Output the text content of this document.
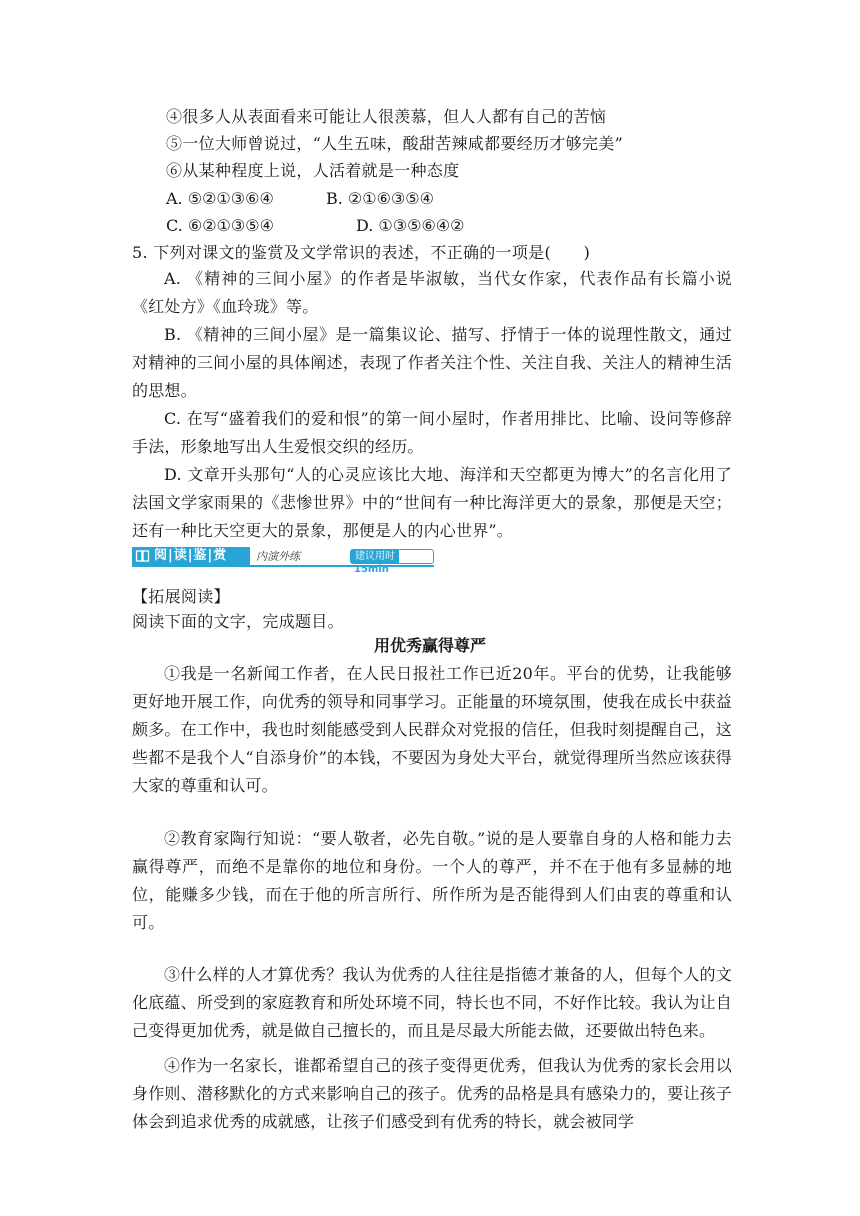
④很多人从表面看来可能让人很羡慕，但人人都有自己的苦恼
⑤一位大师曾说过，“人生五味，酸甜苦辣咸都要经历才够完美”
⑥从某种程度上说，人活着就是一种态度
A. ⑤②①③⑥④	B. ②①⑥③⑤④
C. ⑥②①③⑤④	D. ①③⑤⑥④②
5. 下列对课文的鉴赏及文学常识的表述，不正确的一项是(　　)
A. 《精神的三间小屋》的作者是毕淑敏，当代女作家，代表作品有长篇小说《红处方》《血玲珑》等。
B. 《精神的三间小屋》是一篇集议论、描写、抒情于一体的说理性散文，通过对精神的三间小屋的具体阐述，表现了作者关注个性、关注自我、关注人的精神生活的思想。
C. 在写“盛着我们的爱和恨”的第一间小屋时，作者用排比、比喻、设问等修辞手法，形象地写出人生爱恨交织的经历。
D. 文章开头那句“人的心灵应该比大地、海洋和天空都更为博大”的名言化用了法国文学家雨果的《悲惨世界》中的“世间有一种比海洋更大的景象，那便是天空；还有一种比天空更大的景象，那便是人的内心世界”。
阅|读|鉴|赏	内演外练	建议用时15min
【拓展阅读】
阅读下面的文字，完成题目。
用优秀赢得尊严
①我是一名新闻工作者，在人民日报社工作已近20年。平台的优势，让我能够更好地开展工作，向优秀的领导和同事学习。正能量的环境氛围，使我在成长中获益颇多。在工作中，我也时刻能感受到人民群众对党报的信任，但我时刻提醒自己，这些都不是我个人“自添身价”的本钱，不要因为身处大平台，就觉得理所当然应该获得大家的尊重和认可。
②教育家陶行知说：“要人敬者，必先自敬。”说的是人要靠自身的人格和能力去赢得尊严，而绝不是靠你的地位和身份。一个人的尊严，并不在于他有多显赫的地位，能赚多少钱，而在于他的所言所行、所作所为是否能得到人们由衷的尊重和认可。
③什么样的人才算优秀？我认为优秀的人往往是指德才兼备的人，但每个人的文化底蕴、所受到的家庭教育和所处环境不同，特长也不同，不好作比较。我认为让自己变得更加优秀，就是做自己擅长的，而且是尽最大所能去做，还要做出特色来。
④作为一名家长，谁都希望自己的孩子变得更优秀，但我认为优秀的家长会用以身作则、潜移默化的方式来影响自己的孩子。优秀的品格是具有感染力的，要让孩子体会到追求优秀的成就感，让孩子们感受到有优秀的特长，就会被同学
